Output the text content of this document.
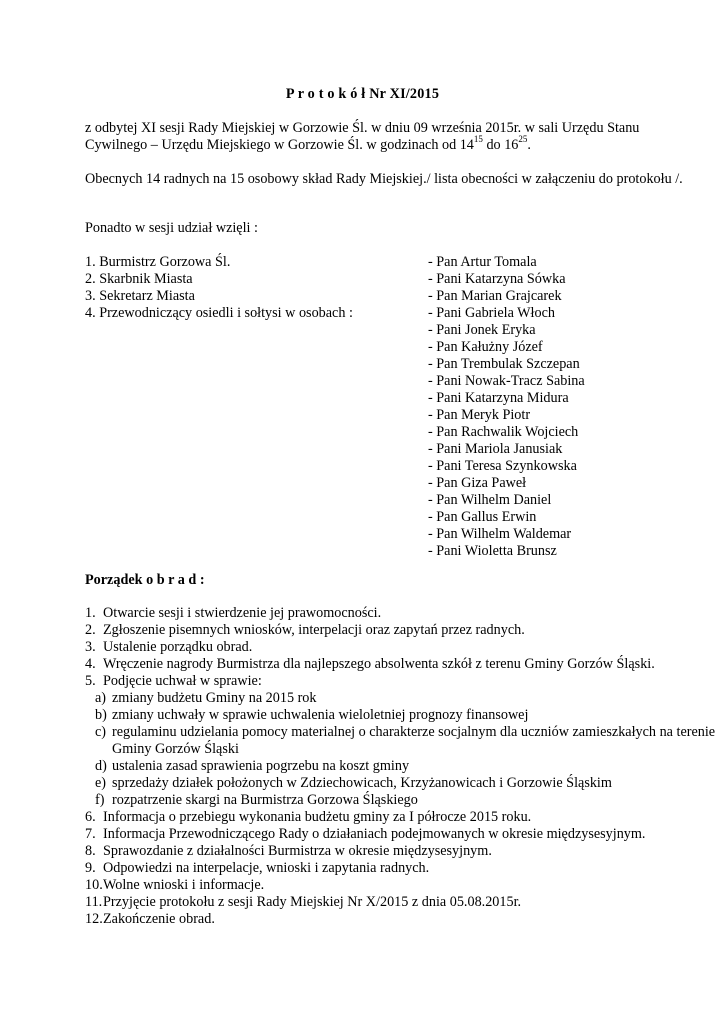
P r o t o k ó ł Nr XI/2015
z odbytej XI sesji Rady Miejskiej w Gorzowie Śl. w dniu 09 września 2015r. w sali Urzędu Stanu Cywilnego – Urzędu Miejskiego w Gorzowie Śl. w godzinach od $14^{15}$ do $16^{25}$.
Obecnych 14 radnych na 15 osobowy skład Rady Miejskiej./ lista obecności w załączeniu do protokołu /.
Ponadto w sesji udział wzięli :
1. Burmistrz Gorzowa Śl.
2. Skarbnik Miasta
3. Sekretarz Miasta
4. Przewodniczący osiedli i sołtysi w osobach :
- Pan Artur Tomala
- Pani Katarzyna Sówka
- Pan Marian Grajcarek
- Pani Gabriela Włoch
- Pani Jonek Eryka
- Pan Kałużny Józef
- Pan Trembulak Szczepan
- Pani Nowak-Tracz Sabina
- Pani Katarzyna Midura
- Pan Meryk Piotr
- Pan Rachwalik Wojciech
- Pani Mariola Janusiak
- Pani Teresa Szynkowska
- Pan Giza Paweł
- Pan Wilhelm Daniel
- Pan Gallus Erwin
- Pan Wilhelm Waldemar
- Pani Wioletta Brunsz
Porządek o b r a d :
1. Otwarcie sesji i stwierdzenie jej prawomocności.
2. Zgłoszenie pisemnych wniosków, interpelacji oraz zapytań przez radnych.
3. Ustalenie porządku obrad.
4. Wręczenie nagrody Burmistrza dla najlepszego absolwenta szkół z terenu Gminy Gorzów Śląski.
5. Podjęcie uchwał w sprawie:
a) zmiany budżetu Gminy na 2015 rok
b) zmiany uchwały w sprawie uchwalenia wieloletniej prognozy finansowej
c) regulaminu udzielania pomocy materialnej o charakterze socjalnym dla uczniów zamieszkałych na terenie Gminy Gorzów Śląski
d) ustalenia zasad sprawienia pogrzebu na koszt gminy
e) sprzedaży działek położonych w Zdziechowicach, Krzyżanowicach i Gorzowie Śląskim
f) rozpatrzenie skargi na Burmistrza Gorzowa Śląskiego
6. Informacja o przebiegu wykonania budżetu gminy za I półrocze 2015 roku.
7. Informacja Przewodniczącego Rady o działaniach podejmowanych w okresie międzysesyjnym.
8. Sprawozdanie z działalności Burmistrza w okresie międzysesyjnym.
9. Odpowiedzi na interpelacje, wnioski i zapytania radnych.
10. Wolne wnioski i informacje.
11. Przyjęcie protokołu z sesji Rady Miejskiej Nr X/2015 z dnia 05.08.2015r.
12. Zakończenie obrad.
